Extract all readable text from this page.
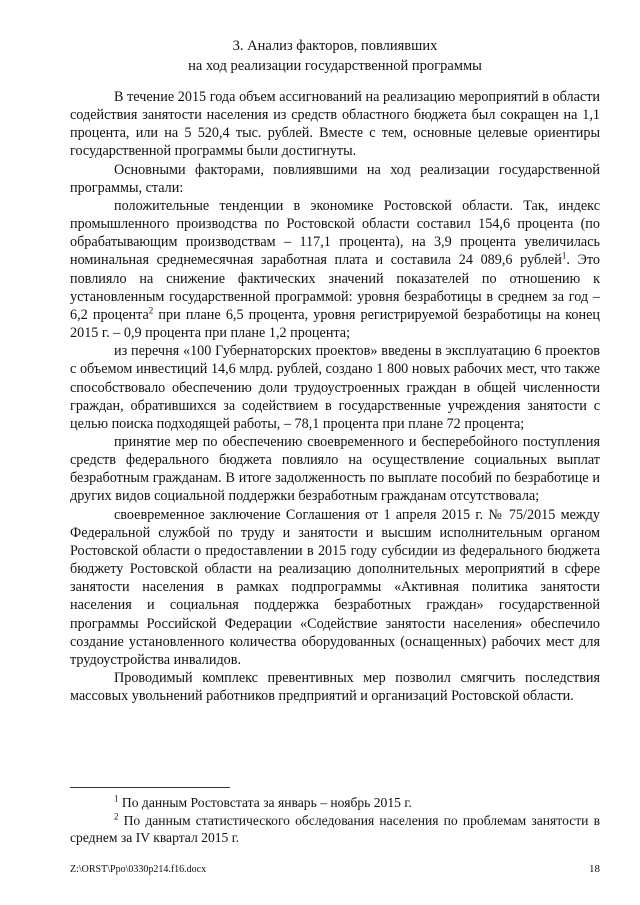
3. Анализ факторов, повлиявших
на ход реализации государственной программы

В течение 2015 года объем ассигнований на реализацию мероприятий в области содействия занятости населения из средств областного бюджета был сокращен на 1,1 процента, или на 5 520,4 тыс. рублей. Вместе с тем, основные целевые ориентиры государственной программы были достигнуты.

Основными факторами, повлиявшими на ход реализации государственной программы, стали:

положительные тенденции в экономике Ростовской области. Так, индекс промышленного производства по Ростовской области составил 154,6 процента (по обрабатывающим производствам – 117,1 процента), на 3,9 процента увеличилась номинальная среднемесячная заработная плата и составила 24 089,6 рублей$^1$. Это повлияло на снижение фактических значений показателей по отношению к установленным государственной программой: уровня безработицы в среднем за год – 6,2 процента$^2$ при плане 6,5 процента, уровня регистрируемой безработицы на конец 2015 г. – 0,9 процента при плане 1,2 процента;

из перечня «100 Губернаторских проектов» введены в эксплуатацию 6 проектов с объемом инвестиций 14,6 млрд. рублей, создано 1 800 новых рабочих мест, что также способствовало обеспечению доли трудоустроенных граждан в общей численности граждан, обратившихся за содействием в государственные учреждения занятости с целью поиска подходящей работы, – 78,1 процента при плане 72 процента;

принятие мер по обеспечению своевременного и бесперебойного поступления средств федерального бюджета повлияло на осуществление социальных выплат безработным гражданам. В итоге задолженность по выплате пособий по безработице и других видов социальной поддержки безработным гражданам отсутствовала;

своевременное заключение Соглашения от 1 апреля 2015 г. № 75/2015 между Федеральной службой по труду и занятости и высшим исполнительным органом Ростовской области о предоставлении в 2015 году субсидии из федерального бюджета бюджету Ростовской области на реализацию дополнительных мероприятий в сфере занятости населения в рамках подпрограммы «Активная политика занятости населения и социальная поддержка безработных граждан» государственной программы Российской Федерации «Содействие занятости населения» обеспечило создание установленного количества оборудованных (оснащенных) рабочих мест для трудоустройства инвалидов.

Проводимый комплекс превентивных мер позволил смягчить последствия массовых увольнений работников предприятий и организаций Ростовской области.

$^1$ По данным Ростовстата за январь – ноябрь 2015 г.

$^2$ По данным статистического обследования населения по проблемам занятости в среднем за IV квартал 2015 г.

Z:\ORST\Ppo\0330p214.f16.docx	18
